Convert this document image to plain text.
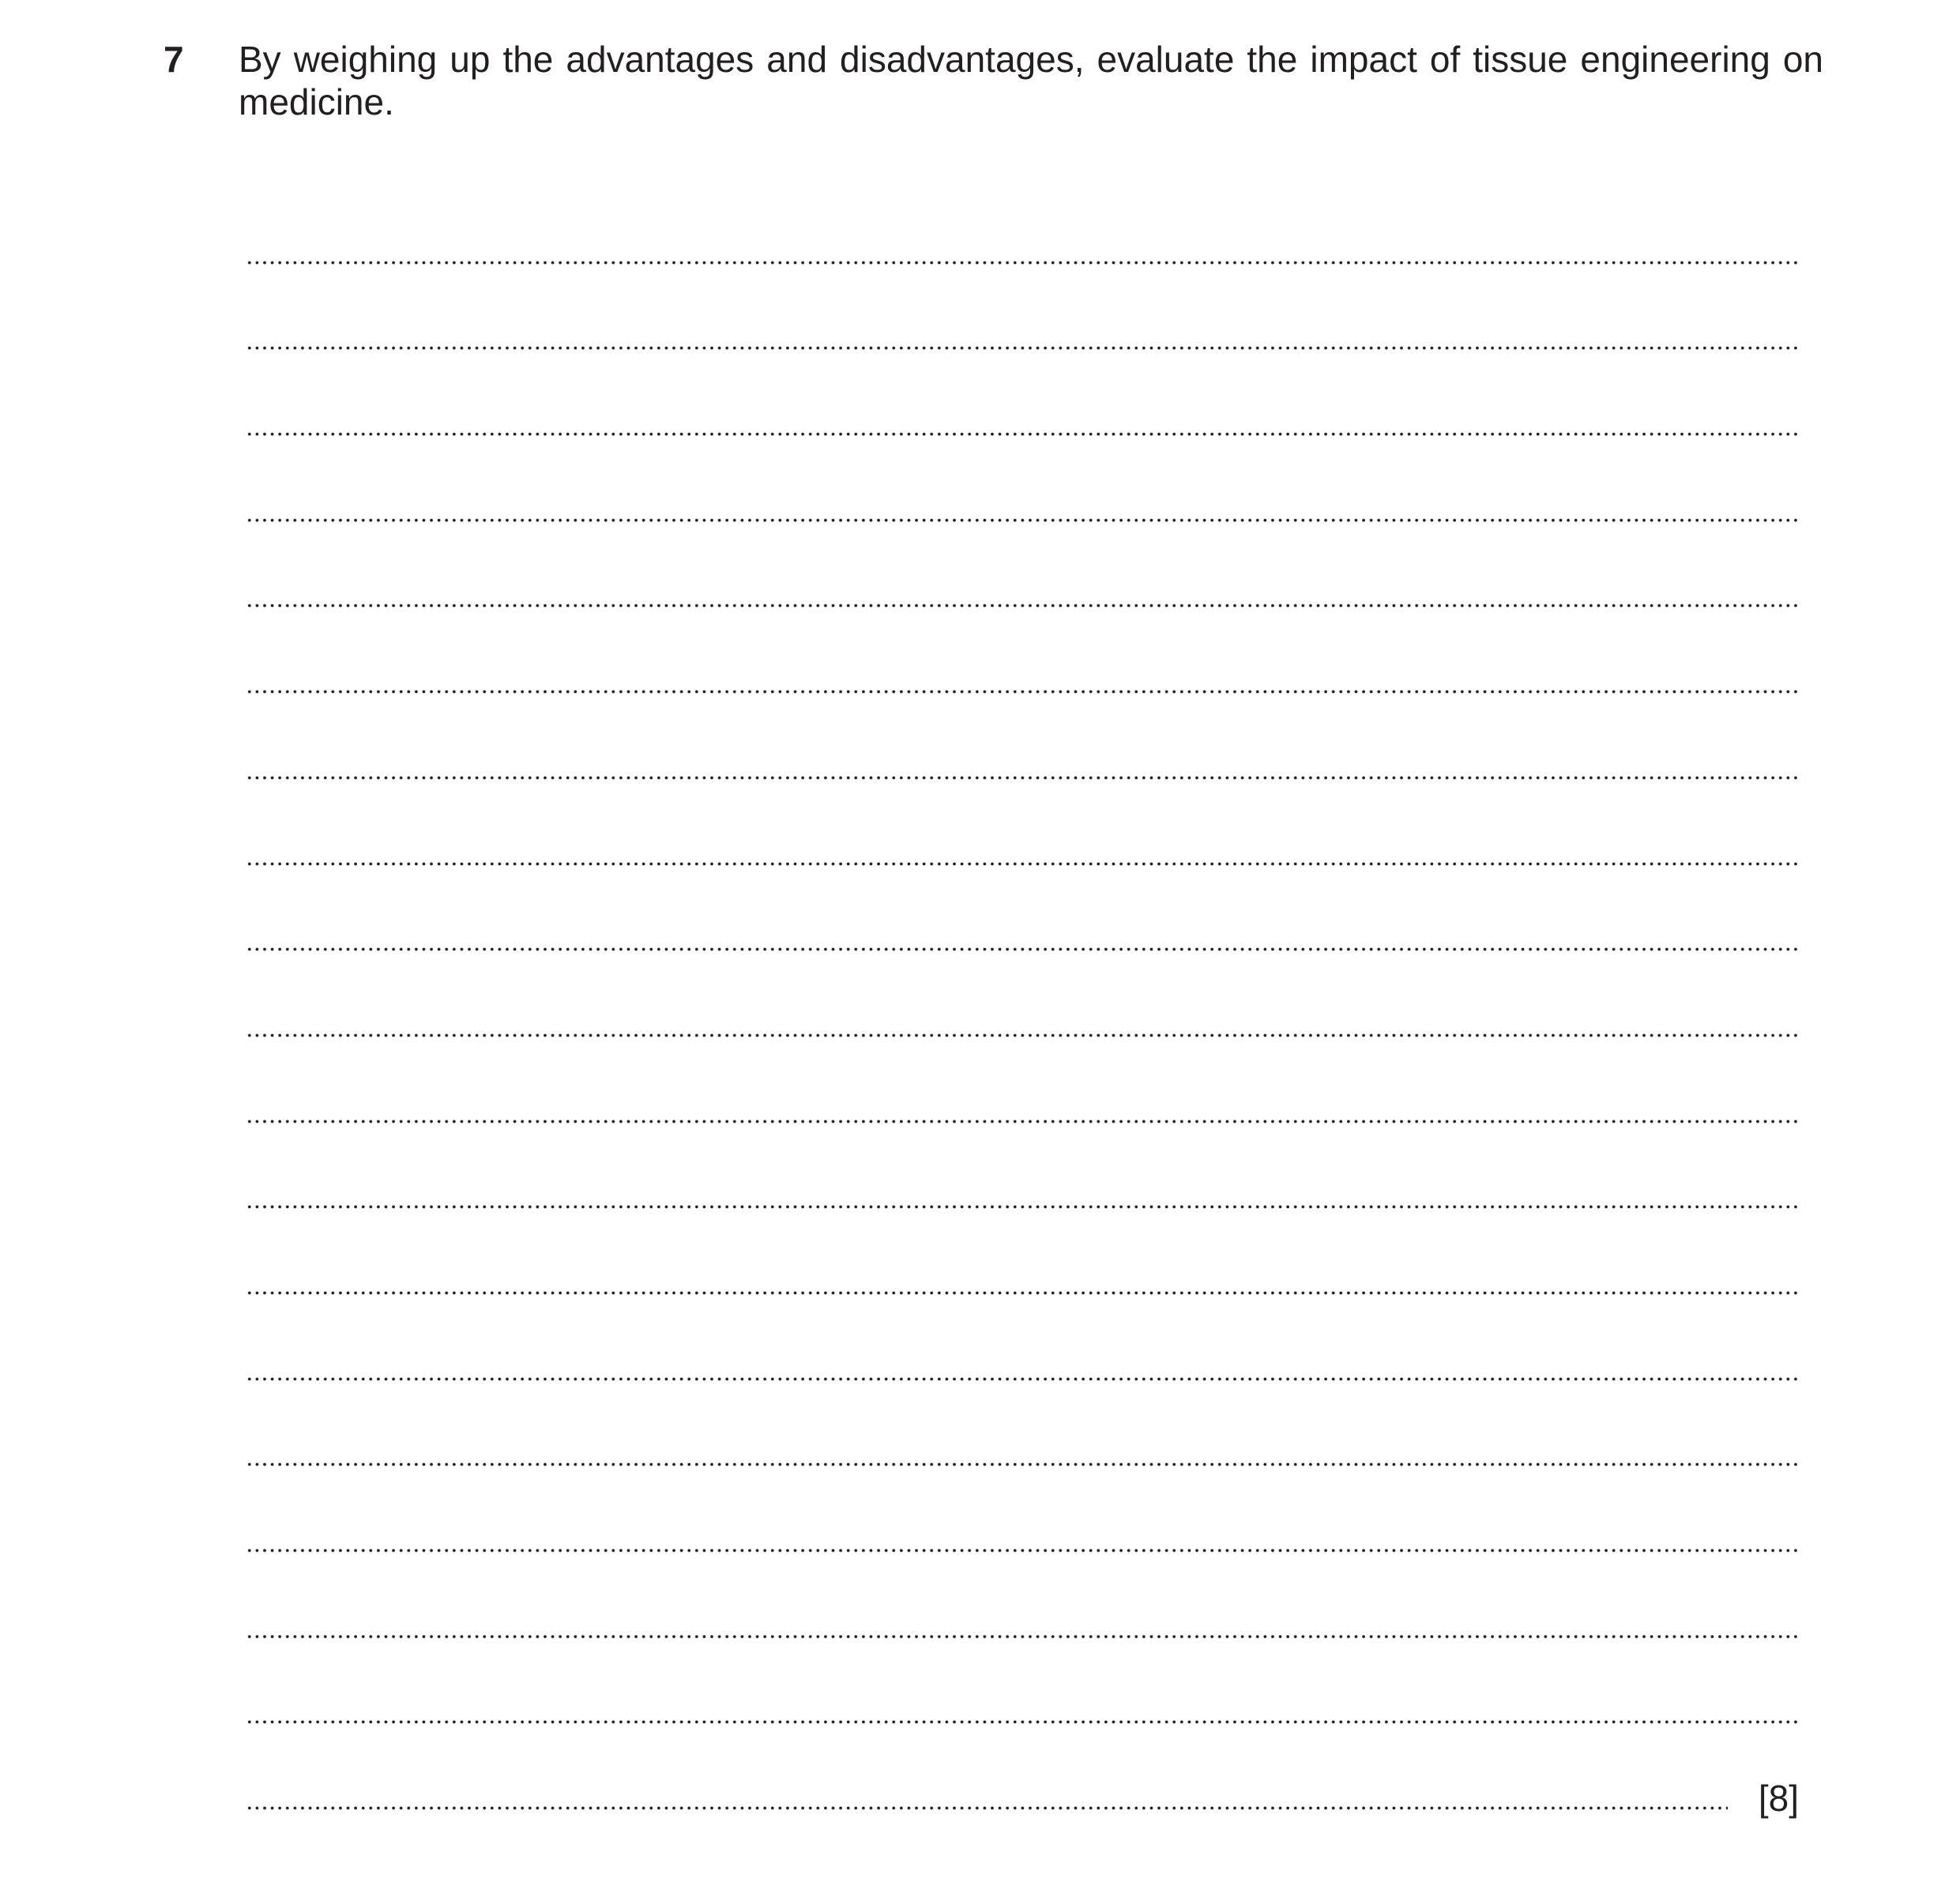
7 By weighing up the advantages and disadvantages, evaluate the impact of tissue engineering on medicine.
[8]
